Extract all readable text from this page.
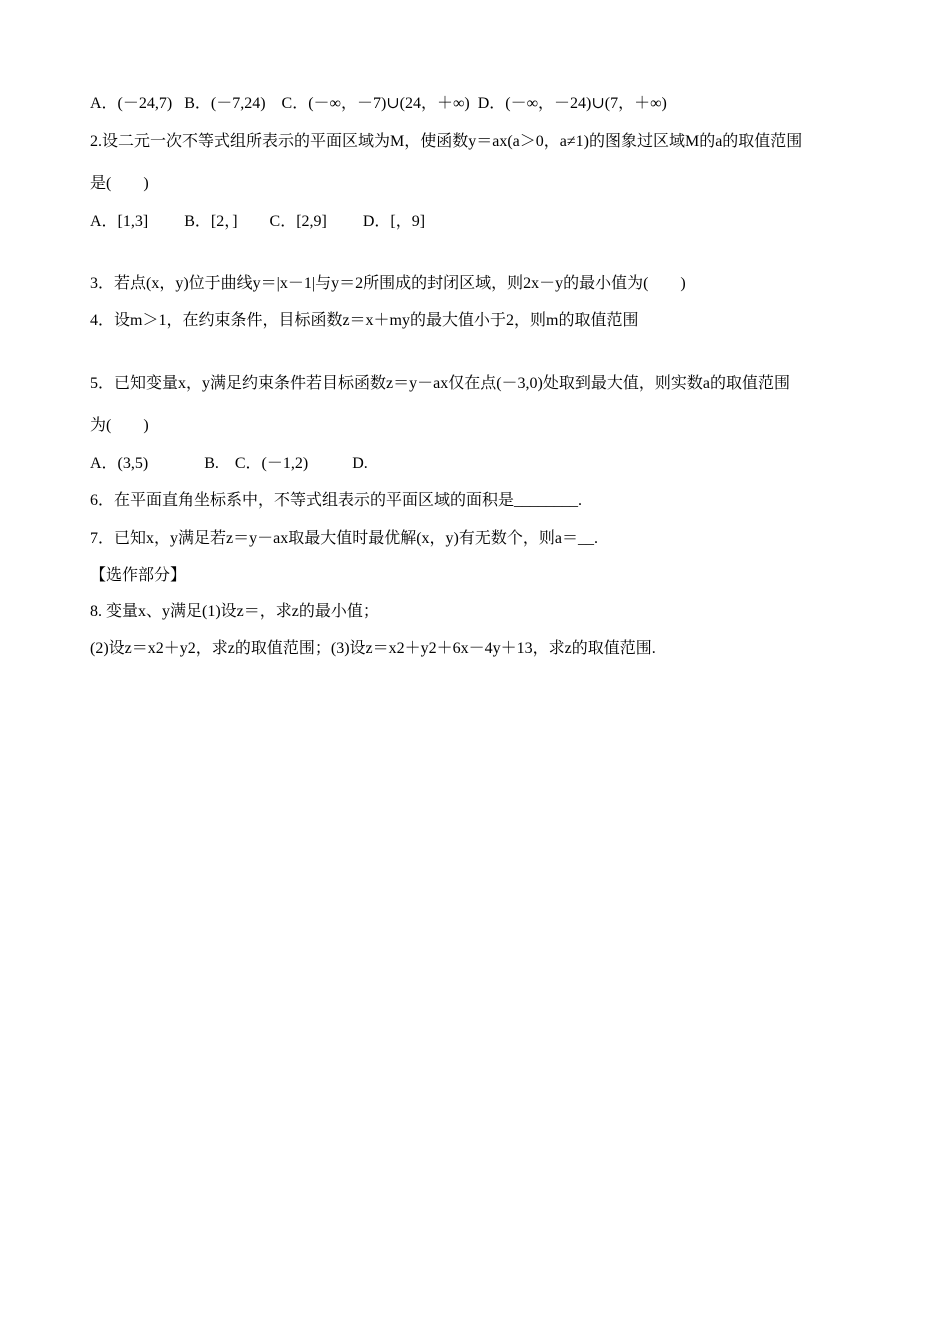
A．(－24,7)   B．(－7,24)    C．(－∞，－7)∪(24，＋∞)  D．(－∞，－24)∪(7，＋∞)
2.设二元一次不等式组所表示的平面区域为M，使函数y＝ax(a＞0，a≠1)的图象过区域M的a的取值范围
是(　　)
A．[1,3]         B．[2，]        C．[2,9]         D．[，9]
3．若点(x，y)位于曲线y＝|x－1|与y＝2所围成的封闭区域，则2x－y的最小值为(　　)
4．设m＞1，在约束条件，目标函数z＝x＋my的最大值小于2，则m的取值范围
5．已知变量x，y满足约束条件若目标函数z＝y－ax仅在点(－3,0)处取到最大值，则实数a的取值范围
为(　　)
A．(3,5)              B.    C．(－1,2)           D.
6．在平面直角坐标系中，不等式组表示的平面区域的面积是________.
7．已知x，y满足若z＝y－ax取最大值时最优解(x，y)有无数个，则a＝__.
【选作部分】
8. 变量x、y满足(1)设z＝，求z的最小值；
(2)设z＝x2＋y2，求z的取值范围；(3)设z＝x2＋y2＋6x－4y＋13，求z的取值范围.
